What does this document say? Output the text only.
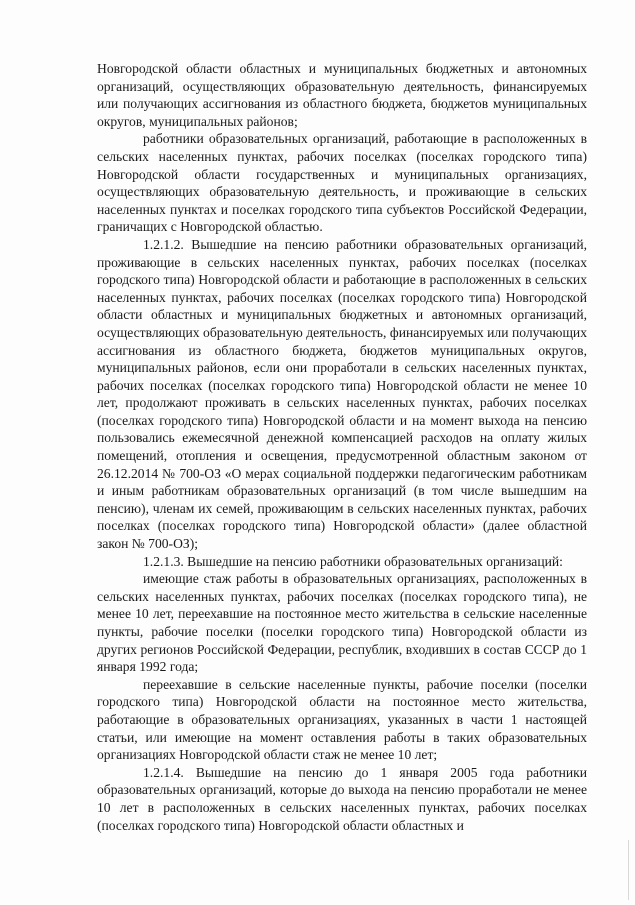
Новгородской области областных и муниципальных бюджетных и автономных организаций, осуществляющих образовательную деятельность, финансируемых или получающих ассигнования из областного бюджета, бюджетов муниципальных округов, муниципальных районов;

работники образовательных организаций, работающие в расположенных в сельских населенных пунктах, рабочих поселках (поселках городского типа) Новгородской области государственных и муниципальных организациях, осуществляющих образовательную деятельность, и проживающие в сельских населенных пунктах и поселках городского типа субъектов Российской Федерации, граничащих с Новгородской областью.

1.2.1.2. Вышедшие на пенсию работники образовательных организаций, проживающие в сельских населенных пунктах, рабочих поселках (поселках городского типа) Новгородской области и работающие в расположенных в сельских населенных пунктах, рабочих поселках (поселках городского типа) Новгородской области областных и муниципальных бюджетных и автономных организаций, осуществляющих образовательную деятельность, финансируемых или получающих ассигнования из областного бюджета, бюджетов муниципальных округов, муниципальных районов, если они проработали в сельских населенных пунктах, рабочих поселках (поселках городского типа) Новгородской области не менее 10 лет, продолжают проживать в сельских населенных пунктах, рабочих поселках (поселках городского типа) Новгородской области и на момент выхода на пенсию пользовались ежемесячной денежной компенсацией расходов на оплату жилых помещений, отопления и освещения, предусмотренной областным законом от 26.12.2014 № 700-ОЗ «О мерах социальной поддержки педагогическим работникам и иным работникам образовательных организаций (в том числе вышедшим на пенсию), членам их семей, проживающим в сельских населенных пунктах, рабочих поселках (поселках городского типа) Новгородской области» (далее областной закон № 700-ОЗ);

1.2.1.3. Вышедшие на пенсию работники образовательных организаций:

имеющие стаж работы в образовательных организациях, расположенных в сельских населенных пунктах, рабочих поселках (поселках городского типа), не менее 10 лет, переехавшие на постоянное место жительства в сельские населенные пункты, рабочие поселки (поселки городского типа) Новгородской области из других регионов Российской Федерации, республик, входивших в состав СССР до 1 января 1992 года;

переехавшие в сельские населенные пункты, рабочие поселки (поселки городского типа) Новгородской области на постоянное место жительства, работающие в образовательных организациях, указанных в части 1 настоящей статьи, или имеющие на момент оставления работы в таких образовательных организациях Новгородской области стаж не менее 10 лет;

1.2.1.4. Вышедшие на пенсию до 1 января 2005 года работники образовательных организаций, которые до выхода на пенсию проработали не менее 10 лет в расположенных в сельских населенных пунктах, рабочих поселках (поселках городского типа) Новгородской области областных и
